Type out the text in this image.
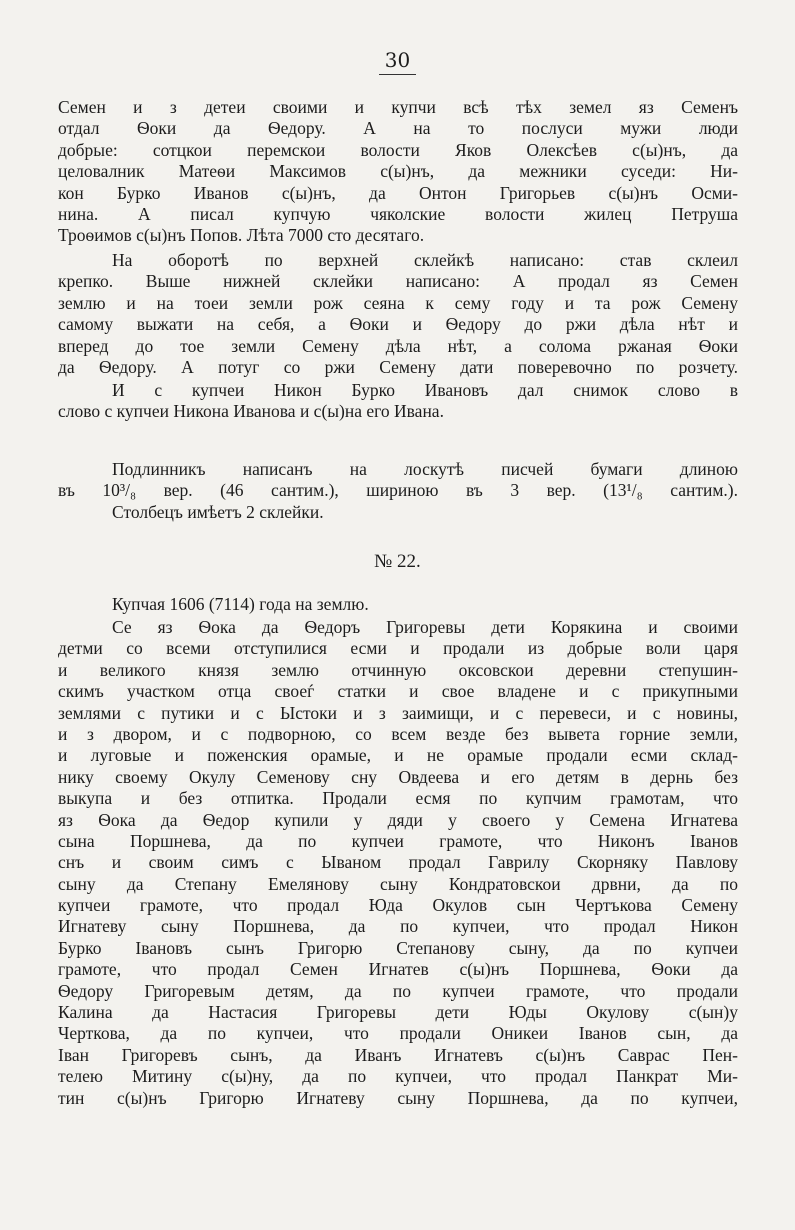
30
Семен и з детеи своими и купчи всѣ тѣх земел яз Семенъ
отдал Ѳоки да Ѳедору. А на то послуси мужи люди
добрые: сотцкои перемскои волости Яков Олексѣев с(ы)нъ, да
целовалник Матеѳи Максимов с(ы)нъ, да межники суседи: Ни-
кон Бурко Иванов с(ы)нъ, да Онтон Григорьев с(ы)нъ Осми-
нина. А писал купчую чяколские волости жилец Петруша
Троѳимов с(ы)нъ Попов. Лѣта 7000 сто десятаго.
На оборотѣ по верхней склейкѣ написано: став склеил
крепко. Выше нижней склейки написано: А продал яз Семен
землю и на тоеи земли рож сеяна к сему году и та рож Семену
самому выжати на себя, а Ѳоки и Ѳедору до ржи дѣла нѣт и
вперед до тое земли Семену дѣла нѣт, а солома ржаная Ѳоки
да Ѳедору. А потуг со ржи Семену дати поверевочно по розчету.
И с купчеи Никон Бурко Ивановъ дал снимок слово в
слово с купчеи Никона Иванова и с(ы)на его Ивана.
Подлинникъ написанъ на лоскутѣ писчей бумаги длиною
въ 10³/₈ вер. (46 сантим.), шириною въ 3 вер. (13¹/₈ сантим.).
Столбецъ имѣетъ 2 склейки.
№ 22.
Купчая 1606 (7114) года на землю.
Се яз Ѳока да Ѳедоръ Григоревы дети Корякина и своими
детми со всеми отступилися есми и продали из добрые воли царя
и великого князя землю отчинную оксовскои деревни степушин-
скимъ участком отца своеѓ статки и свое владене и с прикупными
землями с путики и с Ыстоки и з заимищи, и с перевеси, и с новины,
и з двором, и с подворною, со всем везде без вывета горние земли,
и луговые и поженския орамые, и не орамые продали есми склад-
нику своему Окулу Семенову сну Овдеева и его детям в дернь без
выкупа и без отпитка. Продали есмя по купчим грамотам, что
яз Ѳока да Ѳедор купили у дяди у своего у Семена Игнатева
сына Поршнева, да по купчеи грамоте, что Никонъ Іванов
снъ и своим симъ с Ываном продал Гаврилу Скорняку Павлову
сыну да Степану Емелянову сыну Кондратовскои дрвни, да по
купчеи грамоте, что продал Юда Окулов сын Чертъкова Семену
Игнатеву сыну Поршнева, да по купчеи, что продал Никон
Бурко Івановъ сынъ Григорю Степанову сыну, да по купчеи
грамоте, что продал Семен Игнатев с(ы)нъ Поршнева, Ѳоки да
Ѳедору Григоревым детям, да по купчеи грамоте, что продали
Калина да Настасия Григоревы дети Юды Окулову с(ын)у
Черткова, да по купчеи, что продали Оникеи Іванов сын, да
Іван Григоревъ сынъ, да Иванъ Игнатевъ с(ы)нъ Саврас Пен-
телею Митину с(ы)ну, да по купчеи, что продал Панкрат Ми-
тин с(ы)нъ Григорю Игнатеву сыну Поршнева, да по купчеи,
